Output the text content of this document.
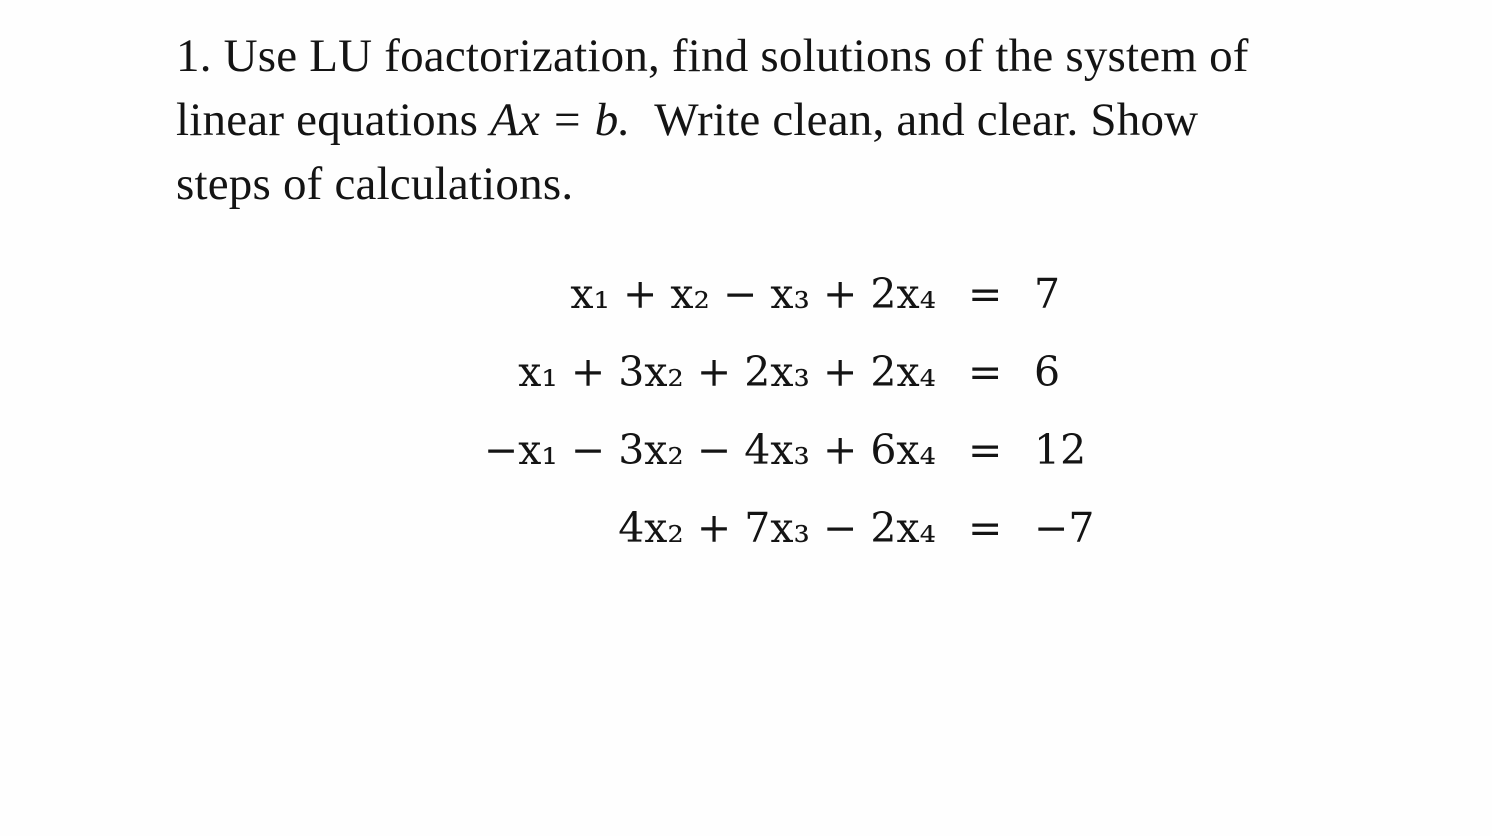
1. Use LU foactorization, find solutions of the system of
linear equations Ax = b. Write clean, and clear. Show
steps of calculations.
x₁ + x₂ − x₃ + 2x₄ = 7
x₁ + 3x₂ + 2x₃ + 2x₄ = 6
−x₁ − 3x₂ − 4x₃ + 6x₄ = 12
4x₂ + 7x₃ − 2x₄ = −7
